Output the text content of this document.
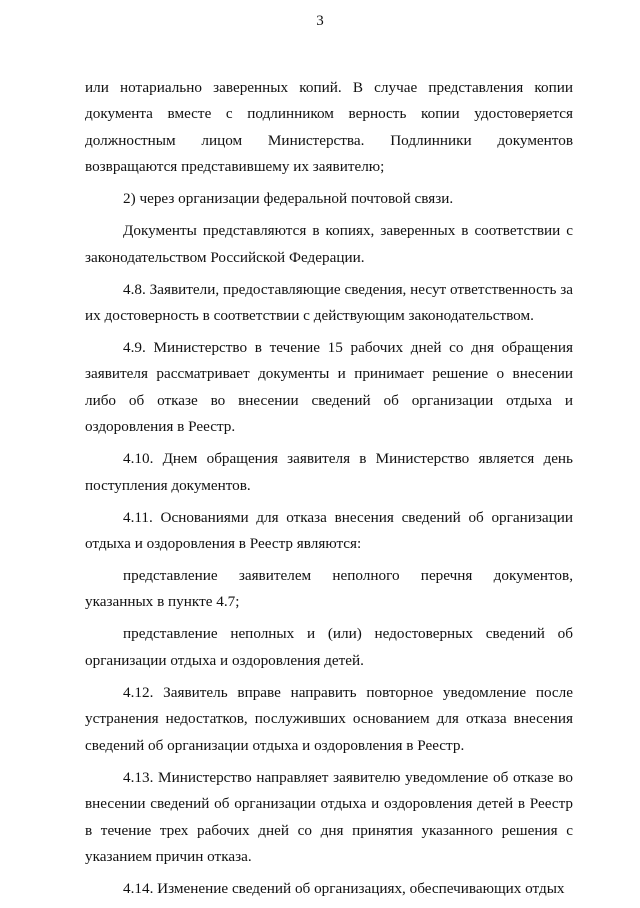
3

или нотариально заверенных копий. В случае представления копии документа вместе с подлинником верность копии удостоверяется должностным лицом Министерства. Подлинники документов возвращаются представившему их заявителю;

2) через организации федеральной почтовой связи.

Документы представляются в копиях, заверенных в соответствии с законодательством Российской Федерации.

4.8. Заявители, предоставляющие сведения, несут ответственность за их достоверность в соответствии с действующим законодательством.

4.9. Министерство в течение 15 рабочих дней со дня обращения заявителя рассматривает документы и принимает решение о внесении либо об отказе во внесении сведений об организации отдыха и оздоровления в Реестр.

4.10. Днем обращения заявителя в Министерство является день поступления документов.

4.11. Основаниями для отказа внесения сведений об организации отдыха и оздоровления в Реестр являются:

представление заявителем неполного перечня документов, указанных в пункте 4.7;

представление неполных и (или) недостоверных сведений об организации отдыха и оздоровления детей.

4.12. Заявитель вправе направить повторное уведомление после устранения недостатков, послуживших основанием для отказа внесения сведений об организации отдыха и оздоровления в Реестр.

4.13. Министерство направляет заявителю уведомление об отказе во внесении сведений об организации отдыха и оздоровления детей в Реестр в течение трех рабочих дней со дня принятия указанного решения с указанием причин отказа.

4.14. Изменение сведений об организациях, обеспечивающих отдых
